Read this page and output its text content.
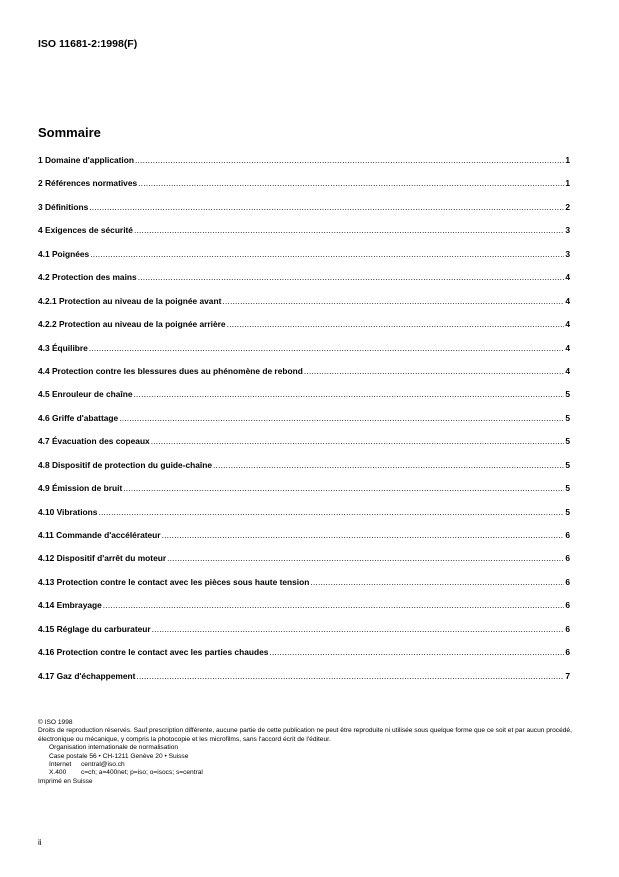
ISO 11681-2:1998(F)
Sommaire
1 Domaine d'application .....	1
2 Références normatives .....	1
3 Définitions .....	2
4 Exigences de sécurité .....	3
4.1 Poignées .....	3
4.2 Protection des mains .....	4
4.2.1 Protection au niveau de la poignée avant .....	4
4.2.2 Protection au niveau de la poignée arrière .....	4
4.3 Équilibre .....	4
4.4 Protection contre les blessures dues au phénomène de rebond .....	4
4.5 Enrouleur de chaîne .....	5
4.6 Griffe d'abattage .....	5
4.7 Évacuation des copeaux .....	5
4.8 Dispositif de protection du guide-chaîne .....	5
4.9 Émission de bruit .....	5
4.10 Vibrations .....	5
4.11 Commande d'accélérateur .....	6
4.12 Dispositif d'arrêt du moteur .....	6
4.13 Protection contre le contact avec les pièces sous haute tension .....	6
4.14 Embrayage .....	6
4.15 Réglage du carburateur .....	6
4.16 Protection contre le contact avec les parties chaudes .....	6
4.17 Gaz d'échappement .....	7
© ISO 1998
Droits de reproduction réservés. Sauf prescription différente, aucune partie de cette publication ne peut être reproduite ni utilisée sous quelque forme que ce soit et par aucun procédé, électronique ou mécanique, y compris la photocopie et les microfilms, sans l'accord écrit de l'éditeur.
Organisation internationale de normalisation
Case postale 56 • CH-1211 Genève 20 • Suisse
Internet central@iso.ch
X.400 c=ch; a=400net; p=iso; o=isocs; s=central
Imprimé en Suisse
ii
